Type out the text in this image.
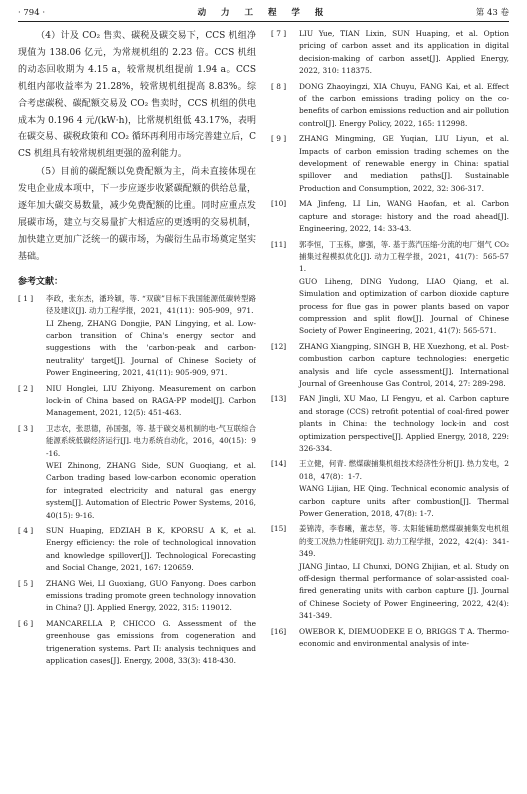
· 794 ·	动 力 工 程 学 报	第 43 卷

（4）计及 CO₂ 售卖、碳税及碳交易下，CCS 机组净现值为 138.06 亿元，为常规机组的 2.23 倍。CCS 机组的动态回收期为 4.15 a，较常规机组提前 1.94 a。CCS 机组内部收益率为 21.28%，较常规机组提高 8.83%。综合考虑碳税、碳配额交易及 CO₂ 售卖时，CCS 机组的供电成本为 0.196 4 元/(kW·h)，比常规机组低 43.17%，表明在碳交易、碳税政策和 CO₂ 循环再利用市场完善建立后，CCS 机组具有较常规机组更强的盈利能力。

（5）目前的碳配额以免费配额为主，尚未直接体现在发电企业成本项中，下一步应逐步收紧碳配额的供给总量，逐年加大碳交易数量，减少免费配额的比重。同时应重点发展碳市场，建立与交易量扩大相适应的更透明的交易机制，加快建立更加广泛统一的碳市场，为碳衍生品市场奠定坚实基础。

参考文献：
[ 1 ] 李政，张东杰，潘玲颖，等. “双碳”目标下我国能源低碳转型路径及建议[J]. 动力工程学报，2021，41(11)：905-909，971.

LI Zheng, ZHANG Dongjie, PAN Lingying, et al. Low-carbon transition of China's energy sector and suggestions with the 'carbon-peak and carbon-neutrality' target[J]. Journal of Chinese Society of Power Engineering, 2021, 41(11): 905-909, 971.

[ 2 ] NIU Honglei, LIU Zhiyong. Measurement on carbon lock-in of China based on RAGA-PP model[J]. Carbon Management, 2021, 12(5): 451-463.

[ 3 ] 卫志农，张思德，孙国强，等. 基于碳交易机制的电-气互联综合能源系统低碳经济运行[J]. 电力系统自动化，2016，40(15)：9-16.

WEI Zhinong, ZHANG Side, SUN Guoqiang, et al. Carbon trading based low-carbon economic operation for integrated electricity and natural gas energy system[J]. Automation of Electric Power Systems, 2016, 40(15): 9-16.

[ 4 ] SUN Huaping, EDZIAH B K, KPORSU A K, et al. Energy efficiency: the role of technological innovation and knowledge spillover[J]. Technological Forecasting and Social Change, 2021, 167: 120659.

[ 5 ] ZHANG Wei, LI Guoxiang, GUO Fanyong. Does carbon emissions trading promote green technology innovation in China? [J]. Applied Energy, 2022, 315: 119012.

[ 6 ] MANCARELLA P, CHICCO G. Assessment of the greenhouse gas emissions from cogeneration and trigeneration systems. Part II: analysis techniques and application cases[J]. Energy, 2008, 33(3): 418-430.

[ 7 ] LIU Yue, TIAN Lixin, SUN Huaping, et al. Option pricing of carbon asset and its application in digital decision-making of carbon asset[J]. Applied Energy, 2022, 310: 118375.

[ 8 ] DONG Zhaoyingzi, XIA Chuyu, FANG Kai, et al. Effect of the carbon emissions trading policy on the co-benefits of carbon emissions reduction and air pollution control[J]. Energy Policy, 2022, 165: 112998.

[ 9 ] ZHANG Mingming, GE Yuqian, LIU Liyun, et al. Impacts of carbon emission trading schemes on the development of renewable energy in China: spatial spillover and mediation paths[J]. Sustainable Production and Consumption, 2022, 32: 306-317.

[10] MA Jinfeng, LI Lin, WANG Haofan, et al. Carbon capture and storage: history and the road ahead[J]. Engineering, 2022, 14: 33-43.

[11] 郭李恒，丁玉栋，廖强，等. 基于蒸汽压缩-分流的电厂烟气 CO₂ 捕集过程模拟优化[J]. 动力工程学报，2021，41(7)：565-571.

GUO Liheng, DING Yudong, LIAO Qiang, et al. Simulation and optimization of carbon dioxide capture process for flue gas in power plants based on vapor compression and split flow[J]. Journal of Chinese Society of Power Engineering, 2021, 41(7): 565-571.

[12] ZHANG Xiangping, SINGH B, HE Xuezhong, et al. Post-combustion carbon capture technologies: energetic analysis and life cycle assessment[J]. International Journal of Greenhouse Gas Control, 2014, 27: 289-298.

[13] FAN Jingli, XU Mao, LI Fengyu, et al. Carbon capture and storage (CCS) retrofit potential of coal-fired power plants in China: the technology lock-in and cost optimization perspective[J]. Applied Energy, 2018, 229: 326-334.

[14] 王立健，何青. 燃煤碳捕集机组技术经济性分析[J]. 热力发电，2018，47(8)：1-7.

WANG Lijian, HE Qing. Technical economic analysis of carbon capture units after combustion[J]. Thermal Power Generation, 2018, 47(8): 1-7.

[15] 姜锦涛，李春曦，董志坚，等. 太阳能辅助燃煤碳捕集发电机组的变工况热力性能研究[J]. 动力工程学报，2022，42(4)：341-349.

JIANG Jintao, LI Chunxi, DONG Zhijian, et al. Study on off-design thermal performance of solar-assisted coal-fired generating units with carbon capture [J]. Journal of Chinese Society of Power Engineering, 2022, 42(4): 341-349.

[16] OWEBOR K, DIEMUODEKE E O, BRIGGS T A. Thermo-economic and environmental analysis of inte-
